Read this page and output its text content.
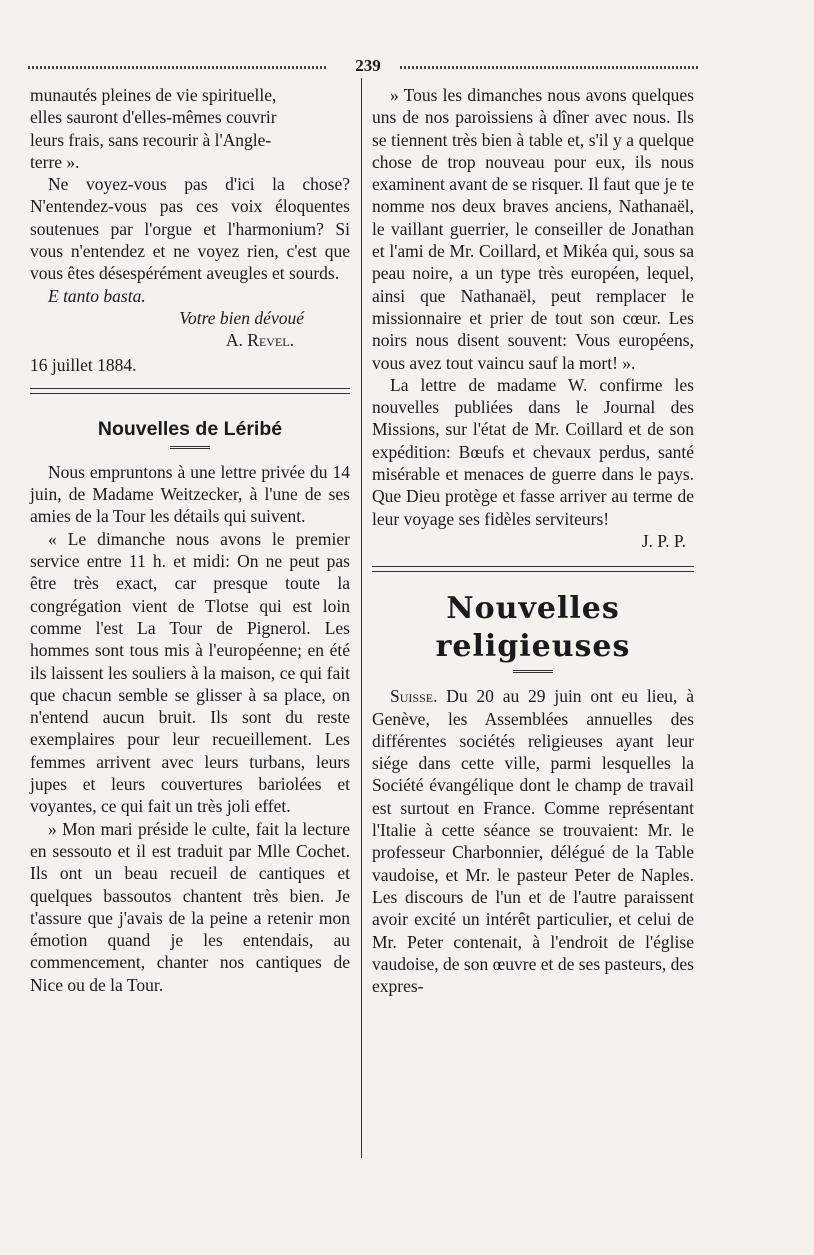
239

munautés pleines de vie spirituelle,

elles sauront d'elles-mêmes couvrir

leurs frais, sans recourir à l'Angle-

terre ».

Ne voyez-vous pas d'ici la chose? N'entendez-vous pas ces voix éloquentes soutenues par l'orgue et l'harmonium? Si vous n'entendez et ne voyez rien, c'est que vous êtes désespérément aveugles et sourds.

E tanto basta.

Votre bien dévoué

A. Revel.

16 juillet 1884.

Nouvelles de Léribé

Nous empruntons à une lettre privée du 14 juin, de Madame Weitzecker, à l'une de ses amies de la Tour les détails qui suivent.

« Le dimanche nous avons le premier service entre 11 h. et midi: On ne peut pas être très exact, car presque toute la congrégation vient de Tlotse qui est loin comme l'est La Tour de Pignerol. Les hommes sont tous mis à l'européenne; en été ils laissent les souliers à la maison, ce qui fait que chacun semble se glisser à sa place, on n'entend aucun bruit. Ils sont du reste exemplaires pour leur recueillement. Les femmes arrivent avec leurs turbans, leurs jupes et leurs couvertures bariolées et voyantes, ce qui fait un très joli effet.

» Mon mari préside le culte, fait la lecture en sessouto et il est traduit par Mlle Cochet. Ils ont un beau recueil de cantiques et quelques bassoutos chantent très bien. Je t'assure que j'avais de la peine a retenir mon émotion quand je les entendais, au commencement, chanter nos cantiques de Nice ou de la Tour.

» Tous les dimanches nous avons quelques uns de nos paroissiens à dîner avec nous. Ils se tiennent très bien à table et, s'il y a quelque chose de trop nouveau pour eux, ils nous examinent avant de se risquer. Il faut que je te nomme nos deux braves anciens, Nathanaël, le vaillant guerrier, le conseiller de Jonathan et l'ami de Mr. Coillard, et Mikéa qui, sous sa peau noire, a un type très européen, lequel, ainsi que Nathanaël, peut remplacer le missionnaire et prier de tout son cœur. Les noirs nous disent souvent: Vous européens, vous avez tout vaincu sauf la mort! ».

La lettre de madame W. confirme les nouvelles publiées dans le Journal des Missions, sur l'état de Mr. Coillard et de son expédition: Bœufs et chevaux perdus, santé misérable et menaces de guerre dans le pays. Que Dieu protège et fasse arriver au terme de leur voyage ses fidèles serviteurs!

J. P. P.

Nouvelles religieuses

Suisse. Du 20 au 29 juin ont eu lieu, à Genève, les Assemblées annuelles des différentes sociétés religieuses ayant leur siége dans cette ville, parmi lesquelles la Société évangélique dont le champ de travail est surtout en France. Comme représentant l'Italie à cette séance se trouvaient: Mr. le professeur Charbonnier, délégué de la Table vaudoise, et Mr. le pasteur Peter de Naples. Les discours de l'un et de l'autre paraissent avoir excité un intérêt particulier, et celui de Mr. Peter contenait, à l'endroit de l'église vaudoise, de son œuvre et de ses pasteurs, des expres-
